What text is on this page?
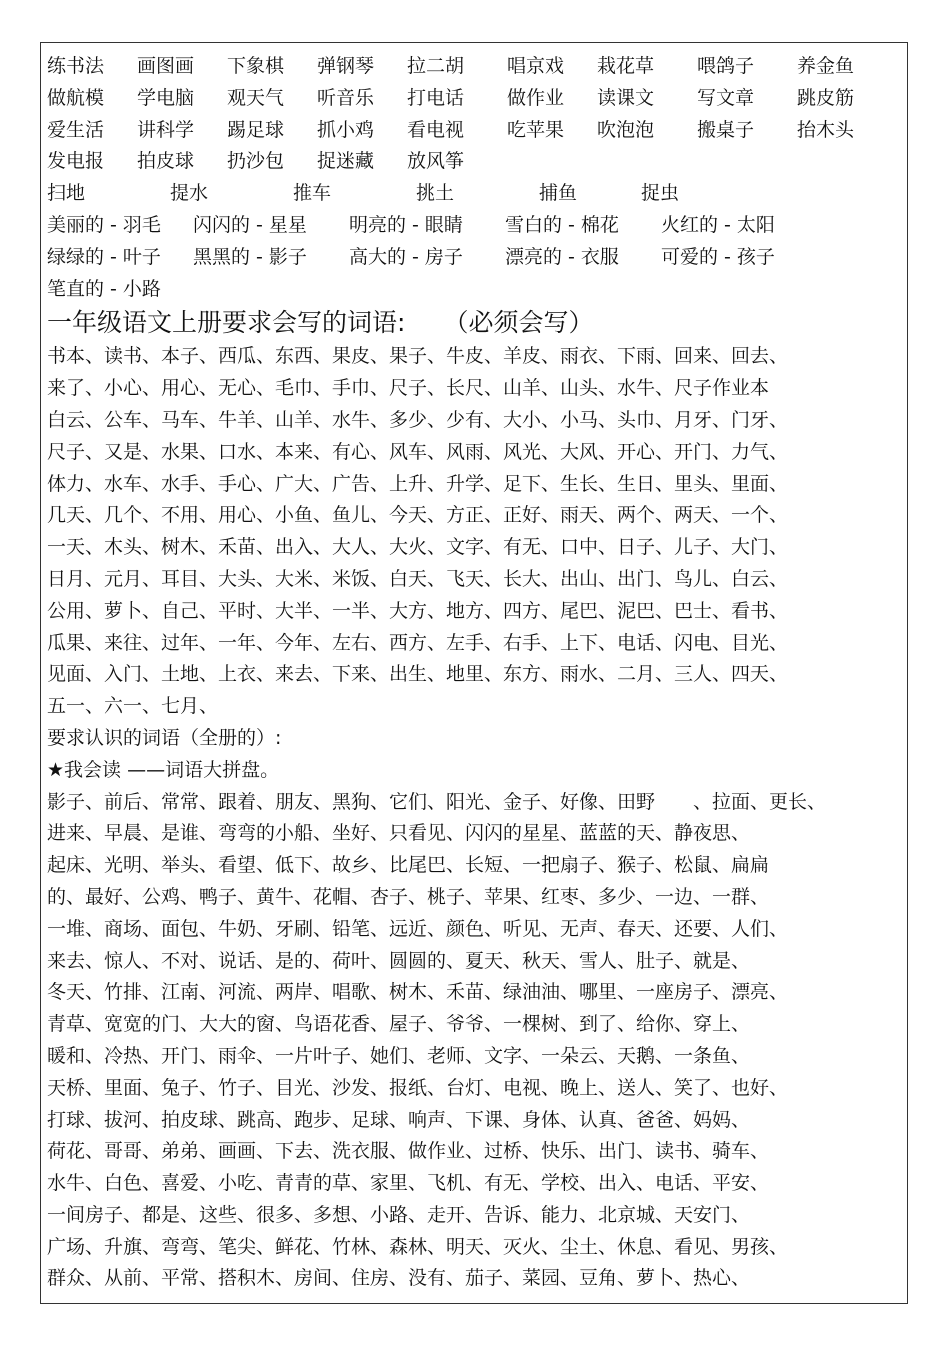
练书法	画图画	下象棋	弹钢琴	拉二胡	唱京戏	栽花草	喂鸽子	养金鱼
做航模	学电脑	观天气	听音乐	打电话	做作业	读课文	写文章	跳皮筋
爱生活	讲科学	踢足球	抓小鸡	看电视	吃苹果	吹泡泡	搬桌子	抬木头
发电报	拍皮球	扔沙包	捉迷藏	放风筝
扫地	提水	推车	挑土	捕鱼	捉虫
美丽的 - 羽毛	闪闪的 - 星星	明亮的 - 眼睛	雪白的 - 棉花	火红的 - 太阳
绿绿的 - 叶子	黑黑的 - 影子	高大的 - 房子	漂亮的 - 衣服	可爱的 - 孩子
笔直的 - 小路
一年级语文上册要求会写的词语: （必须会写）
书本、读书、本子、西瓜、东西、果皮、果子、牛皮、羊皮、雨衣、下雨、回来、回去、
来了、小心、用心、无心、毛巾、手巾、尺子、长尺、山羊、山头、水牛、尺子作业本
白云、公车、马车、牛羊、山羊、水牛、多少、少有、大小、小马、头巾、月牙、门牙、
尺子、又是、水果、口水、本来、有心、风车、风雨、风光、大风、开心、开门、力气、
体力、水车、水手、手心、广大、广告、上升、升学、足下、生长、生日、里头、里面、
几天、几个、不用、用心、小鱼、鱼儿、今天、方正、正好、雨天、两个、两天、一个、
一天、木头、树木、禾苗、出入、大人、大火、文字、有无、口中、日子、儿子、大门、
日月、元月、耳目、大头、大米、米饭、白天、飞天、长大、出山、出门、鸟儿、白云、
公用、萝卜、自己、平时、大半、一半、大方、地方、四方、尾巴、泥巴、巴士、看书、
瓜果、来往、过年、一年、今年、左右、西方、左手、右手、上下、电话、闪电、目光、
见面、入门、土地、上衣、来去、下来、出生、地里、东方、雨水、二月、三人、四天、
五一、六一、七月、
要求认识的词语（全册的）:
★我会读 ——词语大拼盘。
影子、前后、常常、跟着、朋友、黑狗、它们、阳光、金子、好像、田野　　、拉面、更长、
进来、早晨、是谁、弯弯的小船、坐好、只看见、闪闪的星星、蓝蓝的天、静夜思、
起床、光明、举头、看望、低下、故乡、比尾巴、长短、一把扇子、猴子、松鼠、扁扁
的、最好、公鸡、鸭子、黄牛、花帽、杏子、桃子、苹果、红枣、多少、一边、一群、
一堆、商场、面包、牛奶、牙刷、铅笔、远近、颜色、听见、无声、春天、还要、人们、
来去、惊人、不对、说话、是的、荷叶、圆圆的、夏天、秋天、雪人、肚子、就是、
冬天、竹排、江南、河流、两岸、唱歌、树木、禾苗、绿油油、哪里、一座房子、漂亮、
青草、宽宽的门、大大的窗、鸟语花香、屋子、爷爷、一棵树、到了、给你、穿上、
暖和、冷热、开门、雨伞、一片叶子、她们、老师、文字、一朵云、天鹅、一条鱼、
天桥、里面、兔子、竹子、目光、沙发、报纸、台灯、电视、晚上、送人、笑了、也好、
打球、拔河、拍皮球、跳高、跑步、足球、响声、下课、身体、认真、爸爸、妈妈、
荷花、哥哥、弟弟、画画、下去、洗衣服、做作业、过桥、快乐、出门、读书、骑车、
水牛、白色、喜爱、小吃、青青的草、家里、飞机、有无、学校、出入、电话、平安、
一间房子、都是、这些、很多、多想、小路、走开、告诉、能力、北京城、天安门、
广场、升旗、弯弯、笔尖、鲜花、竹林、森林、明天、灭火、尘土、休息、看见、男孩、
群众、从前、平常、搭积木、房间、住房、没有、茄子、菜园、豆角、萝卜、热心、
